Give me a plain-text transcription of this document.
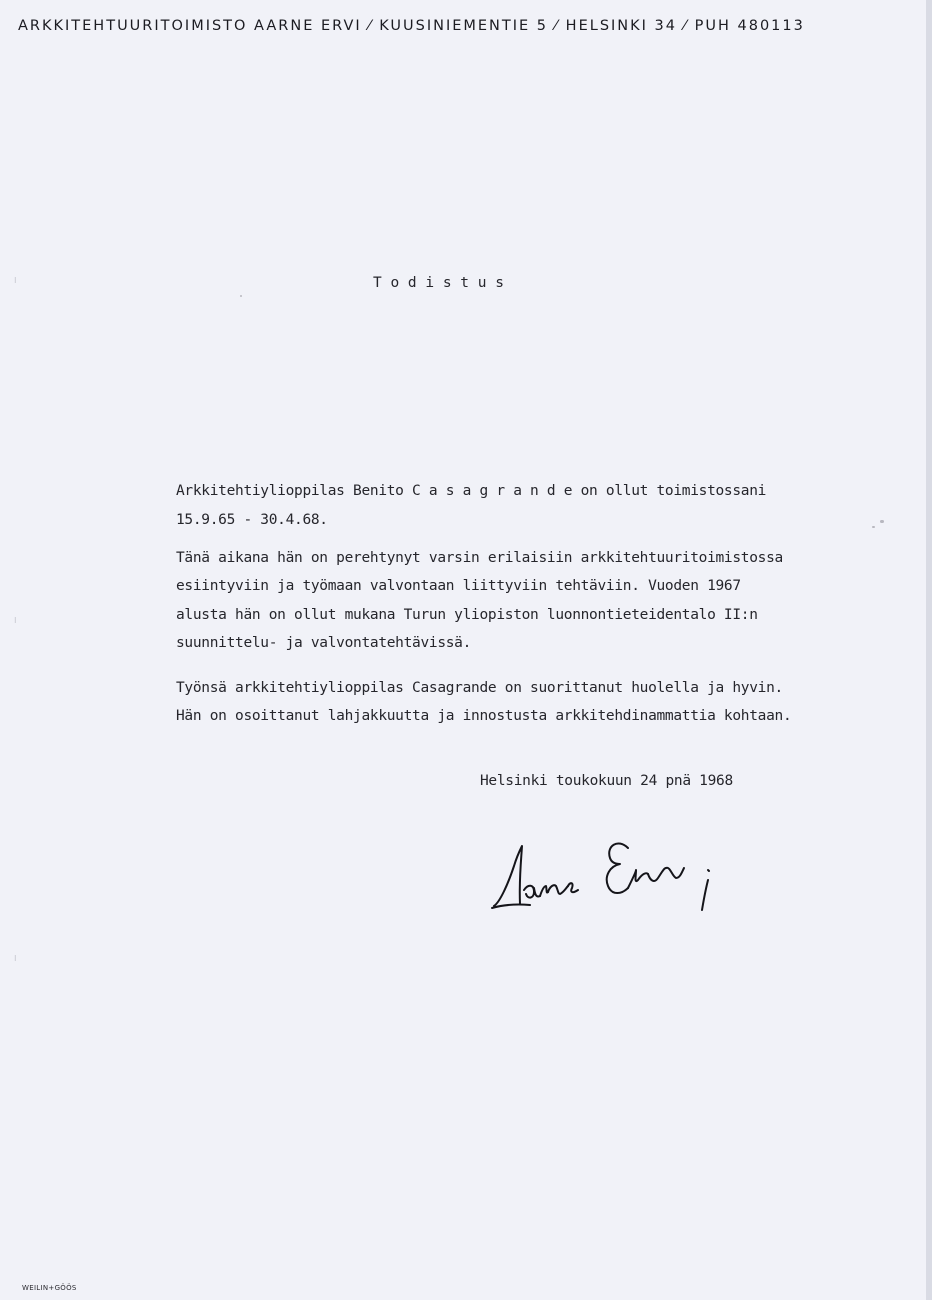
ARKKITEHTUURITOIMISTO AARNE ERVI ⁄ KUUSINIEMENTIE 5 ⁄ HELSINKI 34 ⁄ PUH 480113
T o d i s t u s
Arkkitehtiylioppilas Benito C a s a g r a n d e on ollut toimistossani
15.9.65 - 30.4.68.
Tänä aikana hän on perehtynyt varsin erilaisiin arkkitehtuuritoimistossa
esiintyviin ja työmaan valvontaan liittyviin tehtäviin. Vuoden 1967
alusta hän on ollut mukana Turun yliopiston luonnontieteidentalo II:n
suunnittelu- ja valvontatehtävissä.
Työnsä arkkitehtiylioppilas Casagrande on suorittanut huolella ja hyvin.
Hän on osoittanut lahjakkuutta ja innostusta arkkitehdinammattia kohtaan.
Helsinki toukokuun 24 pnä 1968
WEILIN+GÖÖS
⁝
⁝
⁝
